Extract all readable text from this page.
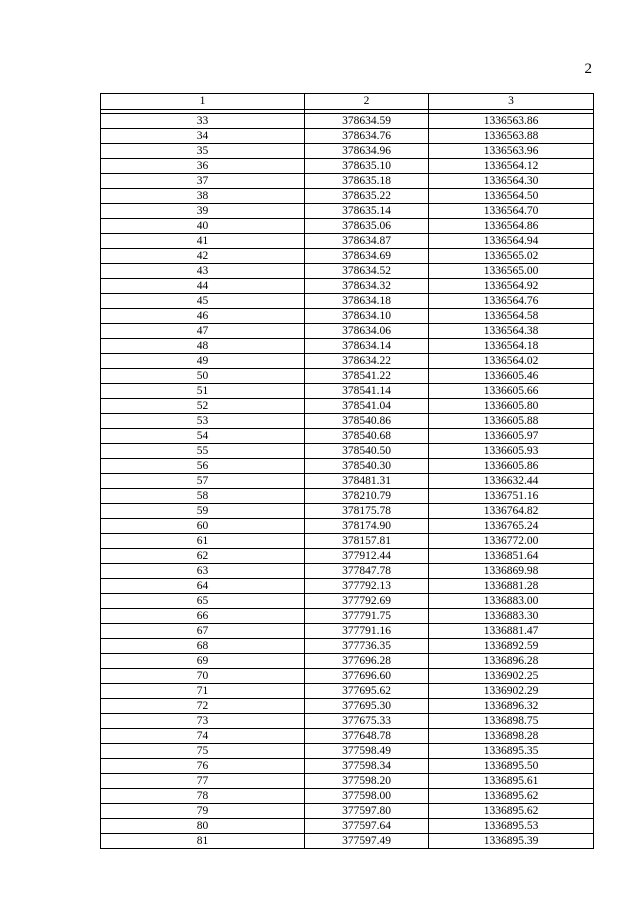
2
1	2	3

33	378634.59	1336563.86
34	378634.76	1336563.88
35	378634.96	1336563.96
36	378635.10	1336564.12
37	378635.18	1336564.30
38	378635.22	1336564.50
39	378635.14	1336564.70
40	378635.06	1336564.86
41	378634.87	1336564.94
42	378634.69	1336565.02
43	378634.52	1336565.00
44	378634.32	1336564.92
45	378634.18	1336564.76
46	378634.10	1336564.58
47	378634.06	1336564.38
48	378634.14	1336564.18
49	378634.22	1336564.02
50	378541.22	1336605.46
51	378541.14	1336605.66
52	378541.04	1336605.80
53	378540.86	1336605.88
54	378540.68	1336605.97
55	378540.50	1336605.93
56	378540.30	1336605.86
57	378481.31	1336632.44
58	378210.79	1336751.16
59	378175.78	1336764.82
60	378174.90	1336765.24
61	378157.81	1336772.00
62	377912.44	1336851.64
63	377847.78	1336869.98
64	377792.13	1336881.28
65	377792.69	1336883.00
66	377791.75	1336883.30
67	377791.16	1336881.47
68	377736.35	1336892.59
69	377696.28	1336896.28
70	377696.60	1336902.25
71	377695.62	1336902.29
72	377695.30	1336896.32
73	377675.33	1336898.75
74	377648.78	1336898.28
75	377598.49	1336895.35
76	377598.34	1336895.50
77	377598.20	1336895.61
78	377598.00	1336895.62
79	377597.80	1336895.62
80	377597.64	1336895.53
81	377597.49	1336895.39
